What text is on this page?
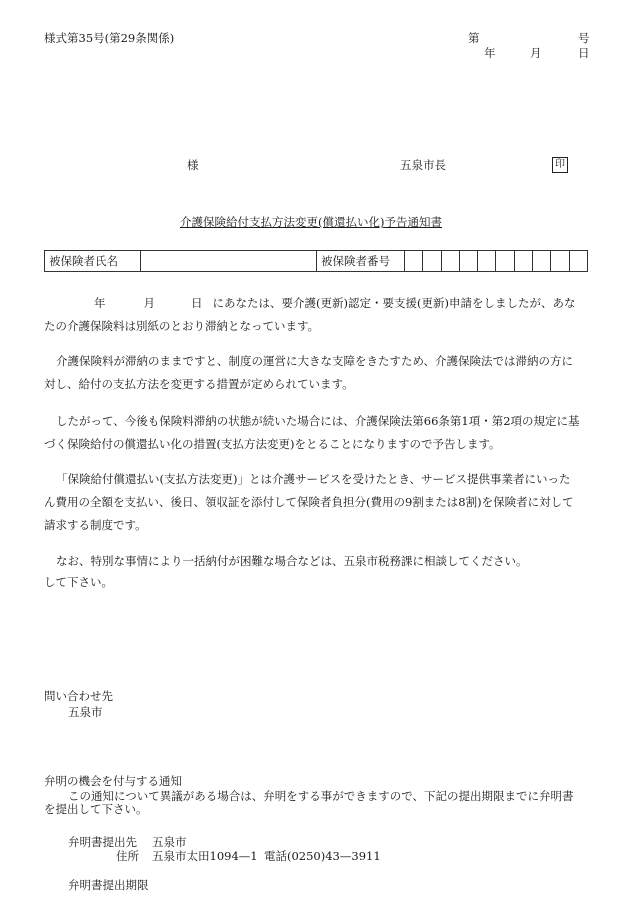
様式第35号(第29条関係)	第	号
年	月	日
様	五泉市長	印
介護保険給付支払方法変更(償還払い化)予告通知書
被保険者氏名		被保険者番号										
年	月	日 にあなたは、要介護(更新)認定・要支援(更新)申請をしましたが、あな
たの介護保険料は別紙のとおり滞納となっています。
介護保険料が滞納のままですと、制度の運営に大きな支障をきたすため、介護保険法では滞納の方に
対し、給付の支払方法を変更する措置が定められています。
したがって、今後も保険料滞納の状態が続いた場合には、介護保険法第66条第1項・第2項の規定に基
づく保険給付の償還払い化の措置(支払方法変更)をとることになりますので予告します。
「保険給付償還払い(支払方法変更)」とは介護サービスを受けたとき、サービス提供事業者にいった
ん費用の全額を支払い、後日、領収証を添付して保険者負担分(費用の9割または8割)を保険者に対して
請求する制度です。
なお、特別な事情により一括納付が困難な場合などは、五泉市税務課に相談してください。
して下さい。
問い合わせ先
五泉市
弁明の機会を付与する通知
この通知について異議がある場合は、弁明をする事ができますので、下記の提出期限までに弁明書
を提出して下さい。
弁明書提出先 五泉市
住所 五泉市太田1094—1 電話(0250)43—3911
弁明書提出期限
